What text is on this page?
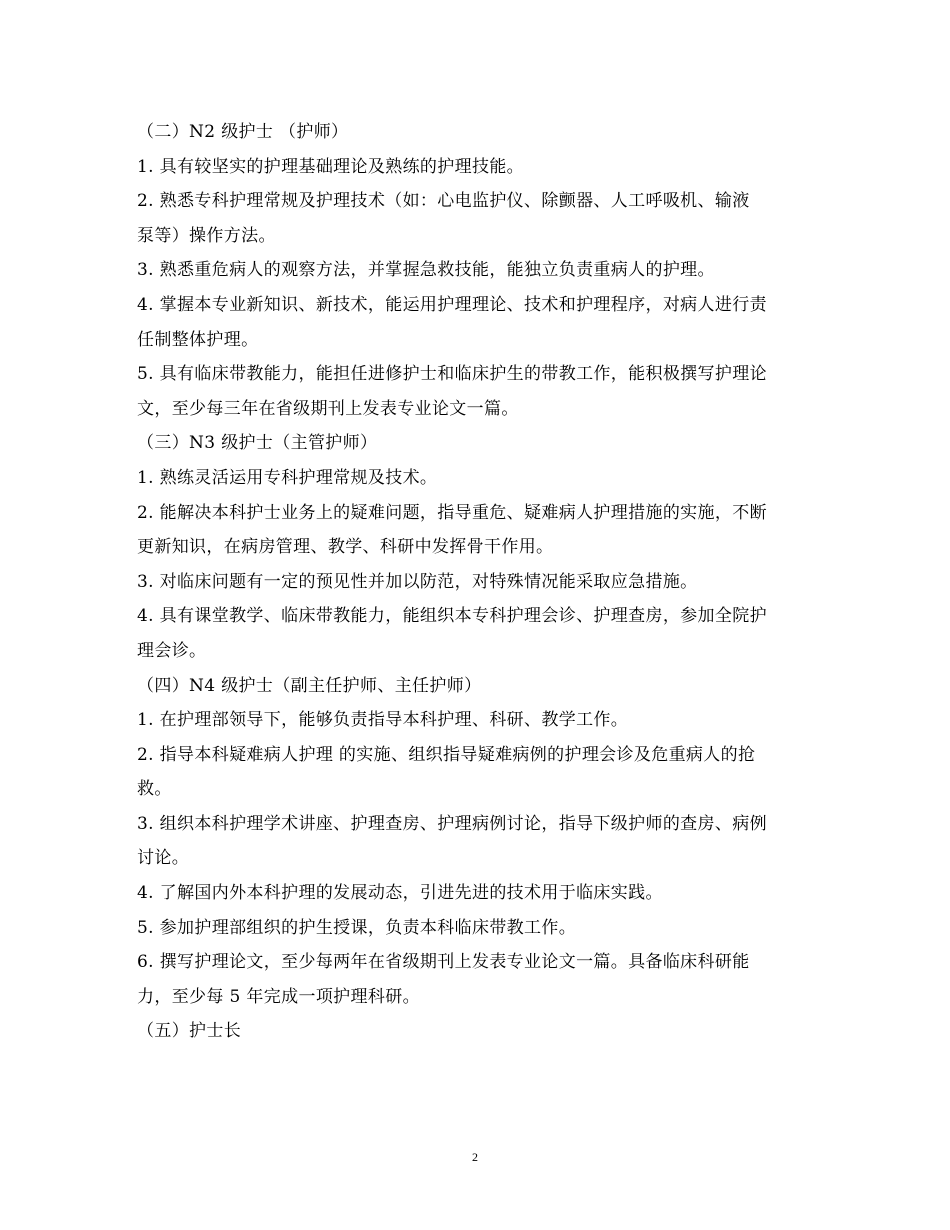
（二）N2 级护士 （护师）
1. 具有较坚实的护理基础理论及熟练的护理技能。
2. 熟悉专科护理常规及护理技术（如：心电监护仪、除颤器、人工呼吸机、输液
泵等）操作方法。
3. 熟悉重危病人的观察方法，并掌握急救技能，能独立负责重病人的护理。
4. 掌握本专业新知识、新技术，能运用护理理论、技术和护理程序，对病人进行责
任制整体护理。
5. 具有临床带教能力，能担任进修护士和临床护生的带教工作，能积极撰写护理论
文，至少每三年在省级期刊上发表专业论文一篇。
（三）N3 级护士（主管护师）
1. 熟练灵活运用专科护理常规及技术。
2. 能解决本科护士业务上的疑难问题，指导重危、疑难病人护理措施的实施，不断
更新知识，在病房管理、教学、科研中发挥骨干作用。
3. 对临床问题有一定的预见性并加以防范，对特殊情况能采取应急措施。
4. 具有课堂教学、临床带教能力，能组织本专科护理会诊、护理查房，参加全院护
理会诊。
（四）N4 级护士（副主任护师、主任护师）
1. 在护理部领导下，能够负责指导本科护理、科研、教学工作。
2. 指导本科疑难病人护理 的实施、组织指导疑难病例的护理会诊及危重病人的抢
救。
3. 组织本科护理学术讲座、护理查房、护理病例讨论，指导下级护师的查房、病例
讨论。
4. 了解国内外本科护理的发展动态，引进先进的技术用于临床实践。
5. 参加护理部组织的护生授课，负责本科临床带教工作。
6. 撰写护理论文，至少每两年在省级期刊上发表专业论文一篇。具备临床科研能
力，至少每 5 年完成一项护理科研。
（五）护士长
2
